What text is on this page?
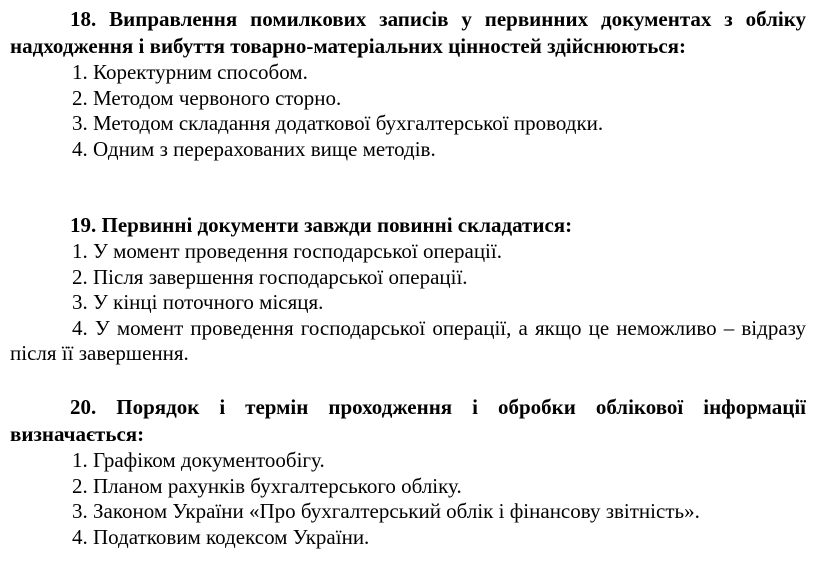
18. Виправлення помилкових записів у первинних документах з обліку надходження і вибуття товарно-матеріальних цінностей здійснюються:

1. Коректурним способом.
2. Методом червоного сторно.
3. Методом складання додаткової бухгалтерської проводки.
4. Одним з перерахованих вище методів.

19. Первинні документи завжди повинні складатися:

1. У момент проведення господарської операції.
2. Після завершення господарської операції.
3. У кінці поточного місяця.
4. У момент проведення господарської операції, а якщо це неможливо – відразу після її завершення.

20. Порядок і термін проходження і обробки облікової інформації визначається:

1. Графіком документообігу.
2. Планом рахунків бухгалтерського обліку.
3. Законом України «Про бухгалтерський облік і фінансову звітність».
4. Податковим кодексом України.
